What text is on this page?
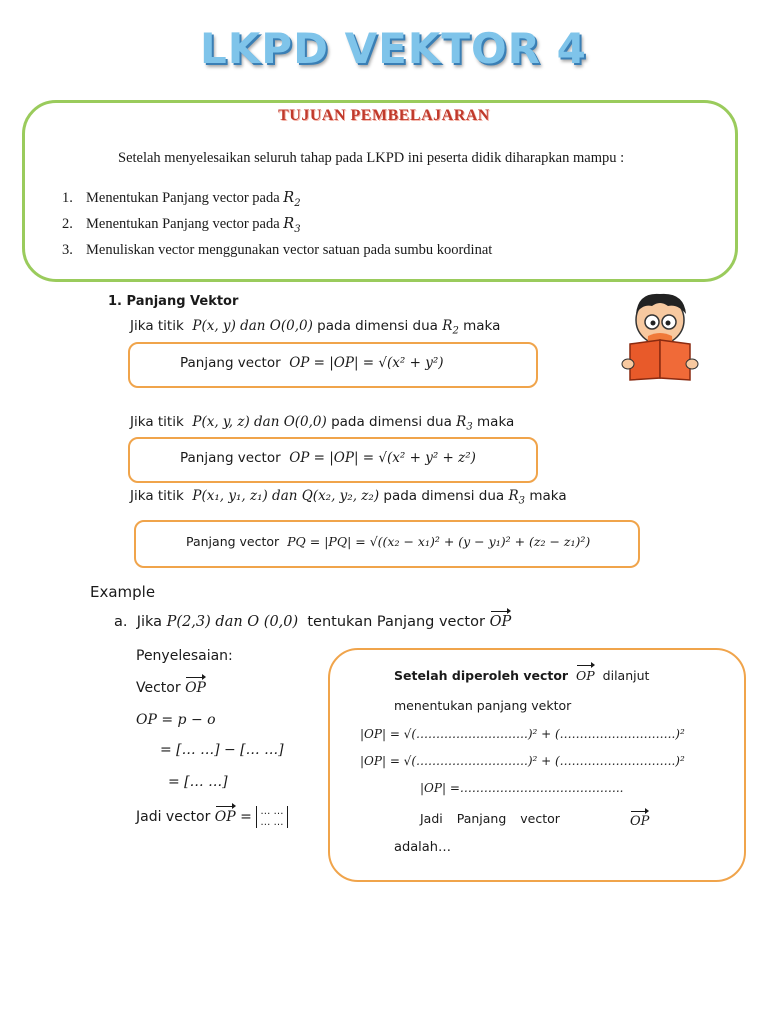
LKPD VEKTOR 4
TUJUAN PEMBELAJARAN
Setelah menyelesaikan seluruh tahap pada LKPD ini peserta didik diharapkan mampu :
1. Menentukan Panjang vector pada $R_2$
2. Menentukan Panjang vector pada $R_3$
3. Menuliskan vector menggunakan vector satuan pada sumbu koordinat
1. Panjang Vektor
Jika titik P(x, y) dan O(0,0) pada dimensi dua $R_2$ maka
Panjang vector OP = |OP| = √(x² + y²)
Jika titik P(x, y, z) dan O(0,0) pada dimensi dua $R_3$ maka
Panjang vector OP = |OP| = √(x² + y² + z²)
Jika titik P(x₁, y₁, z₁) dan Q(x₂, y₂, z₂) pada dimensi dua $R_3$ maka
Panjang vector PQ = |PQ| = √((x₂ − x₁)² + (y − y₁)² + (z₂ − z₁)²)
Example
a. Jika P(2,3) dan O (0,0) tentukan Panjang vector OP
Penyelesaian:
Vector OP
OP = p − o
= [… …] − [… …]
= [… …]
Jadi vector OP = … …
… …
Setelah diperoleh vector OP dilanjut
menentukan panjang vektor
|OP| = √(……………………….)² + (………………………..)²
|OP| = √(……………………….)² + (………………………..)²
|OP| =…………………………………..
Jadi Panjang vector	OP
adalah…
